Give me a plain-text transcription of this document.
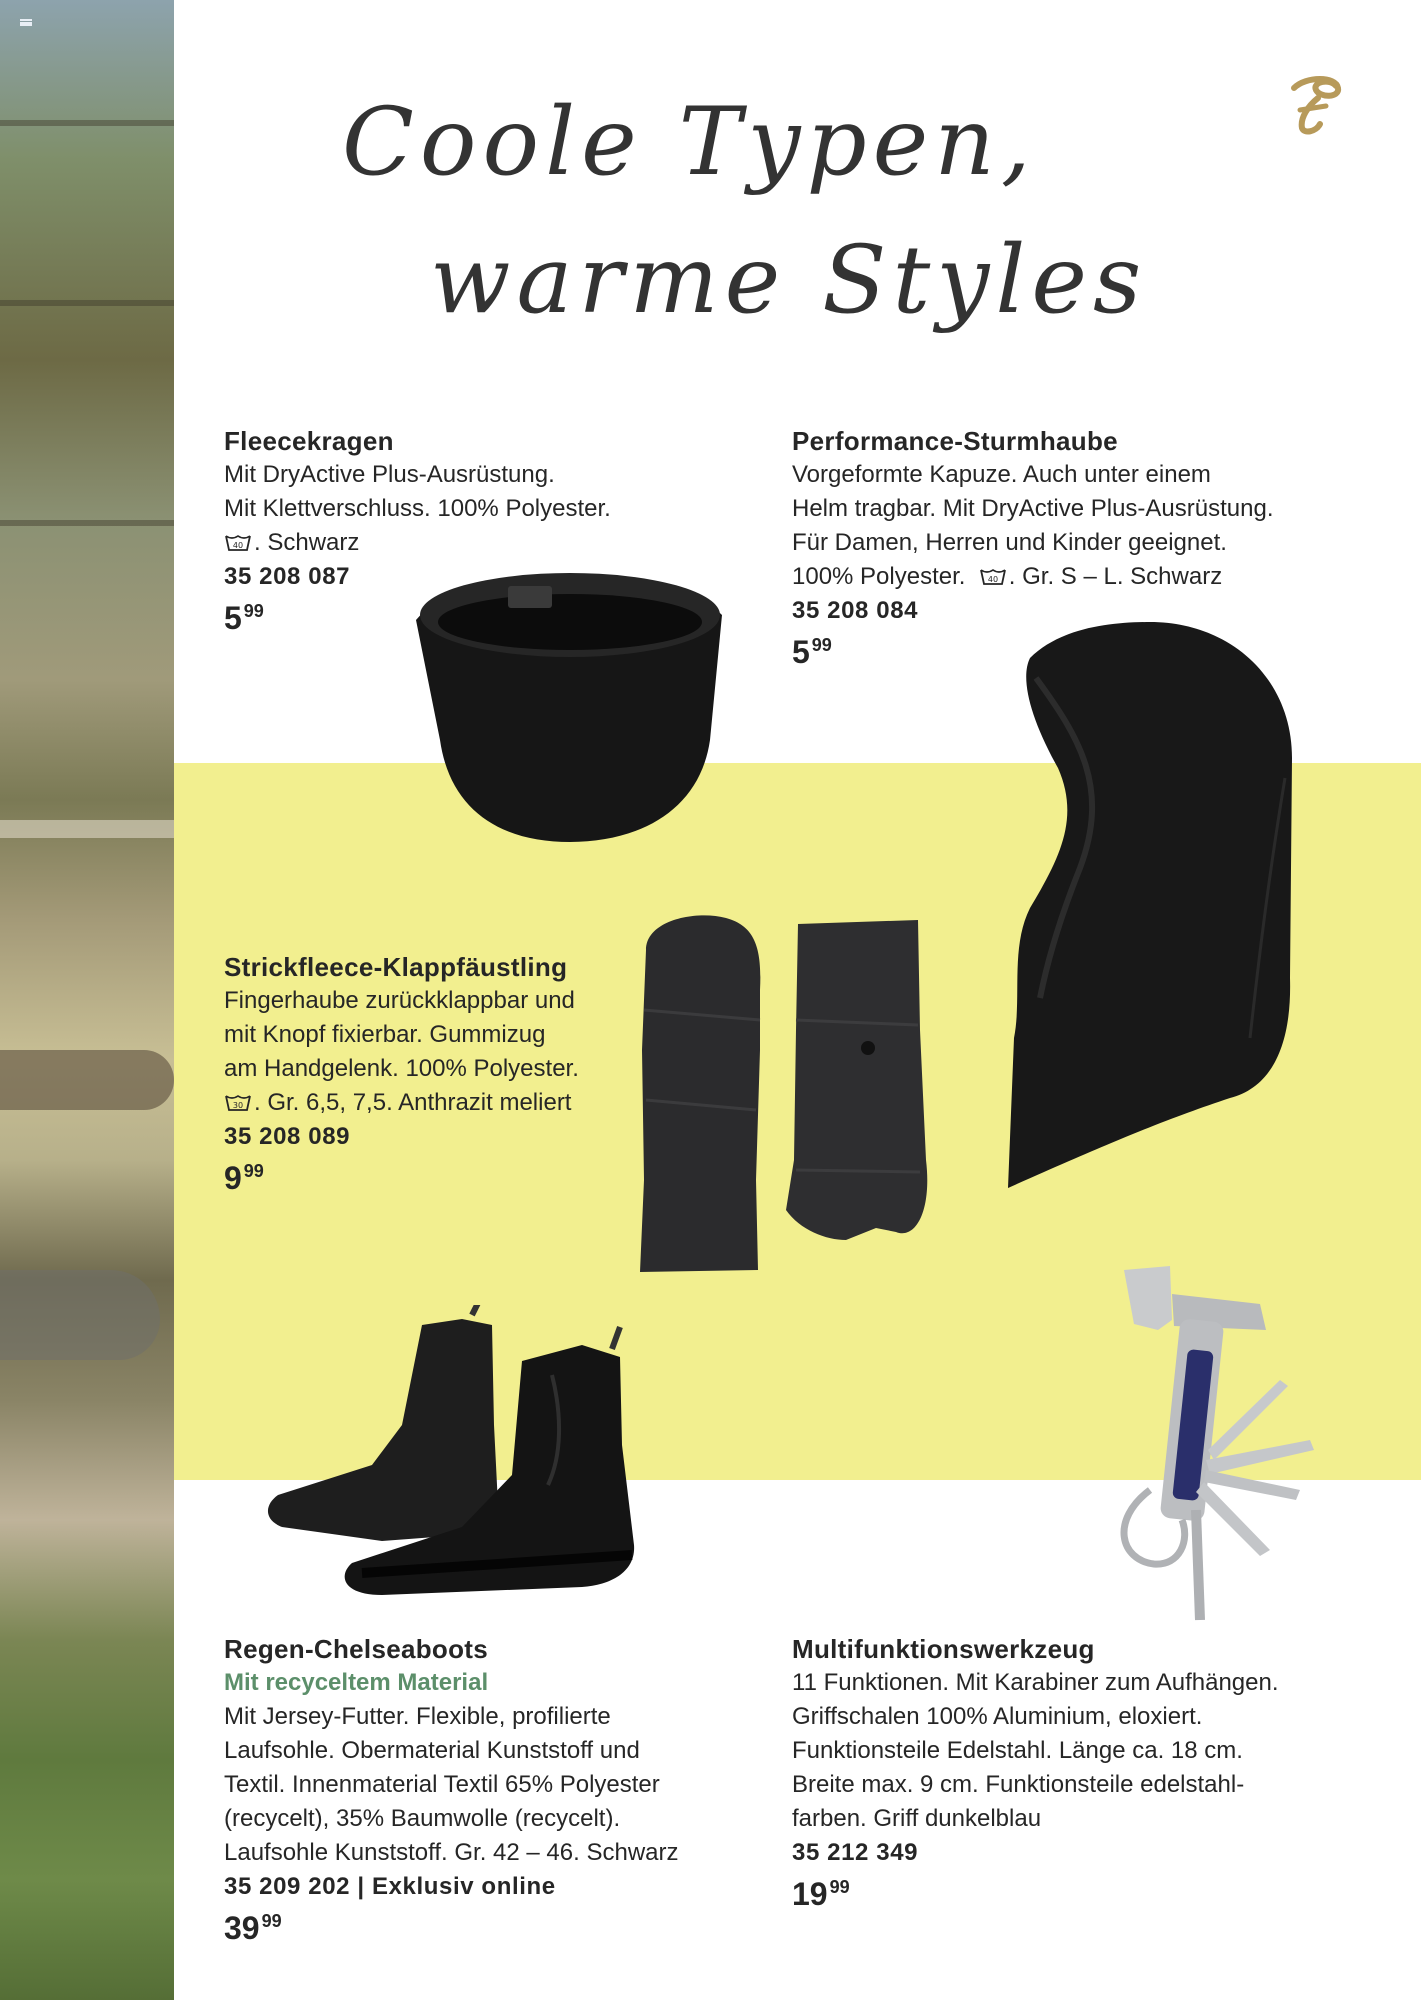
Coole Typen,
warme Styles
Fleecekragen
Mit DryActive Plus-Ausrüstung.
Mit Klettverschluss. 100% Polyester.
40 . Schwarz
35 208 087
5 99
Performance-Sturmhaube
Vorgeformte Kapuze. Auch unter einem
Helm tragbar. Mit DryActive Plus-Ausrüstung.
Für Damen, Herren und Kinder geeignet.
100% Polyester.	40 . Gr. S – L. Schwarz
35 208 084
5 99
Strickfleece-Klappfäustling
Fingerhaube zurückklappbar und
mit Knopf fixierbar. Gummizug
am Handgelenk. 100% Polyester.
30 . Gr. 6,5, 7,5. Anthrazit meliert
35 208 089
9 99
Regen-Chelseaboots
Mit recyceltem Material
Mit Jersey-Futter. Flexible, profilierte
Laufsohle. Obermaterial Kunststoff und
Textil. Innenmaterial Textil 65% Polyester
(recycelt), 35% Baumwolle (recycelt).
Laufsohle Kunststoff. Gr. 42 – 46. Schwarz
35 209 202 | Exklusiv online
39 99
Multifunktionswerkzeug
11 Funktionen. Mit Karabiner zum Aufhängen.
Griffschalen 100% Aluminium, eloxiert.
Funktionsteile Edelstahl. Länge ca. 18 cm.
Breite max. 9 cm. Funktionsteile edelstahl-
farben. Griff dunkelblau
35 212 349
19 99
